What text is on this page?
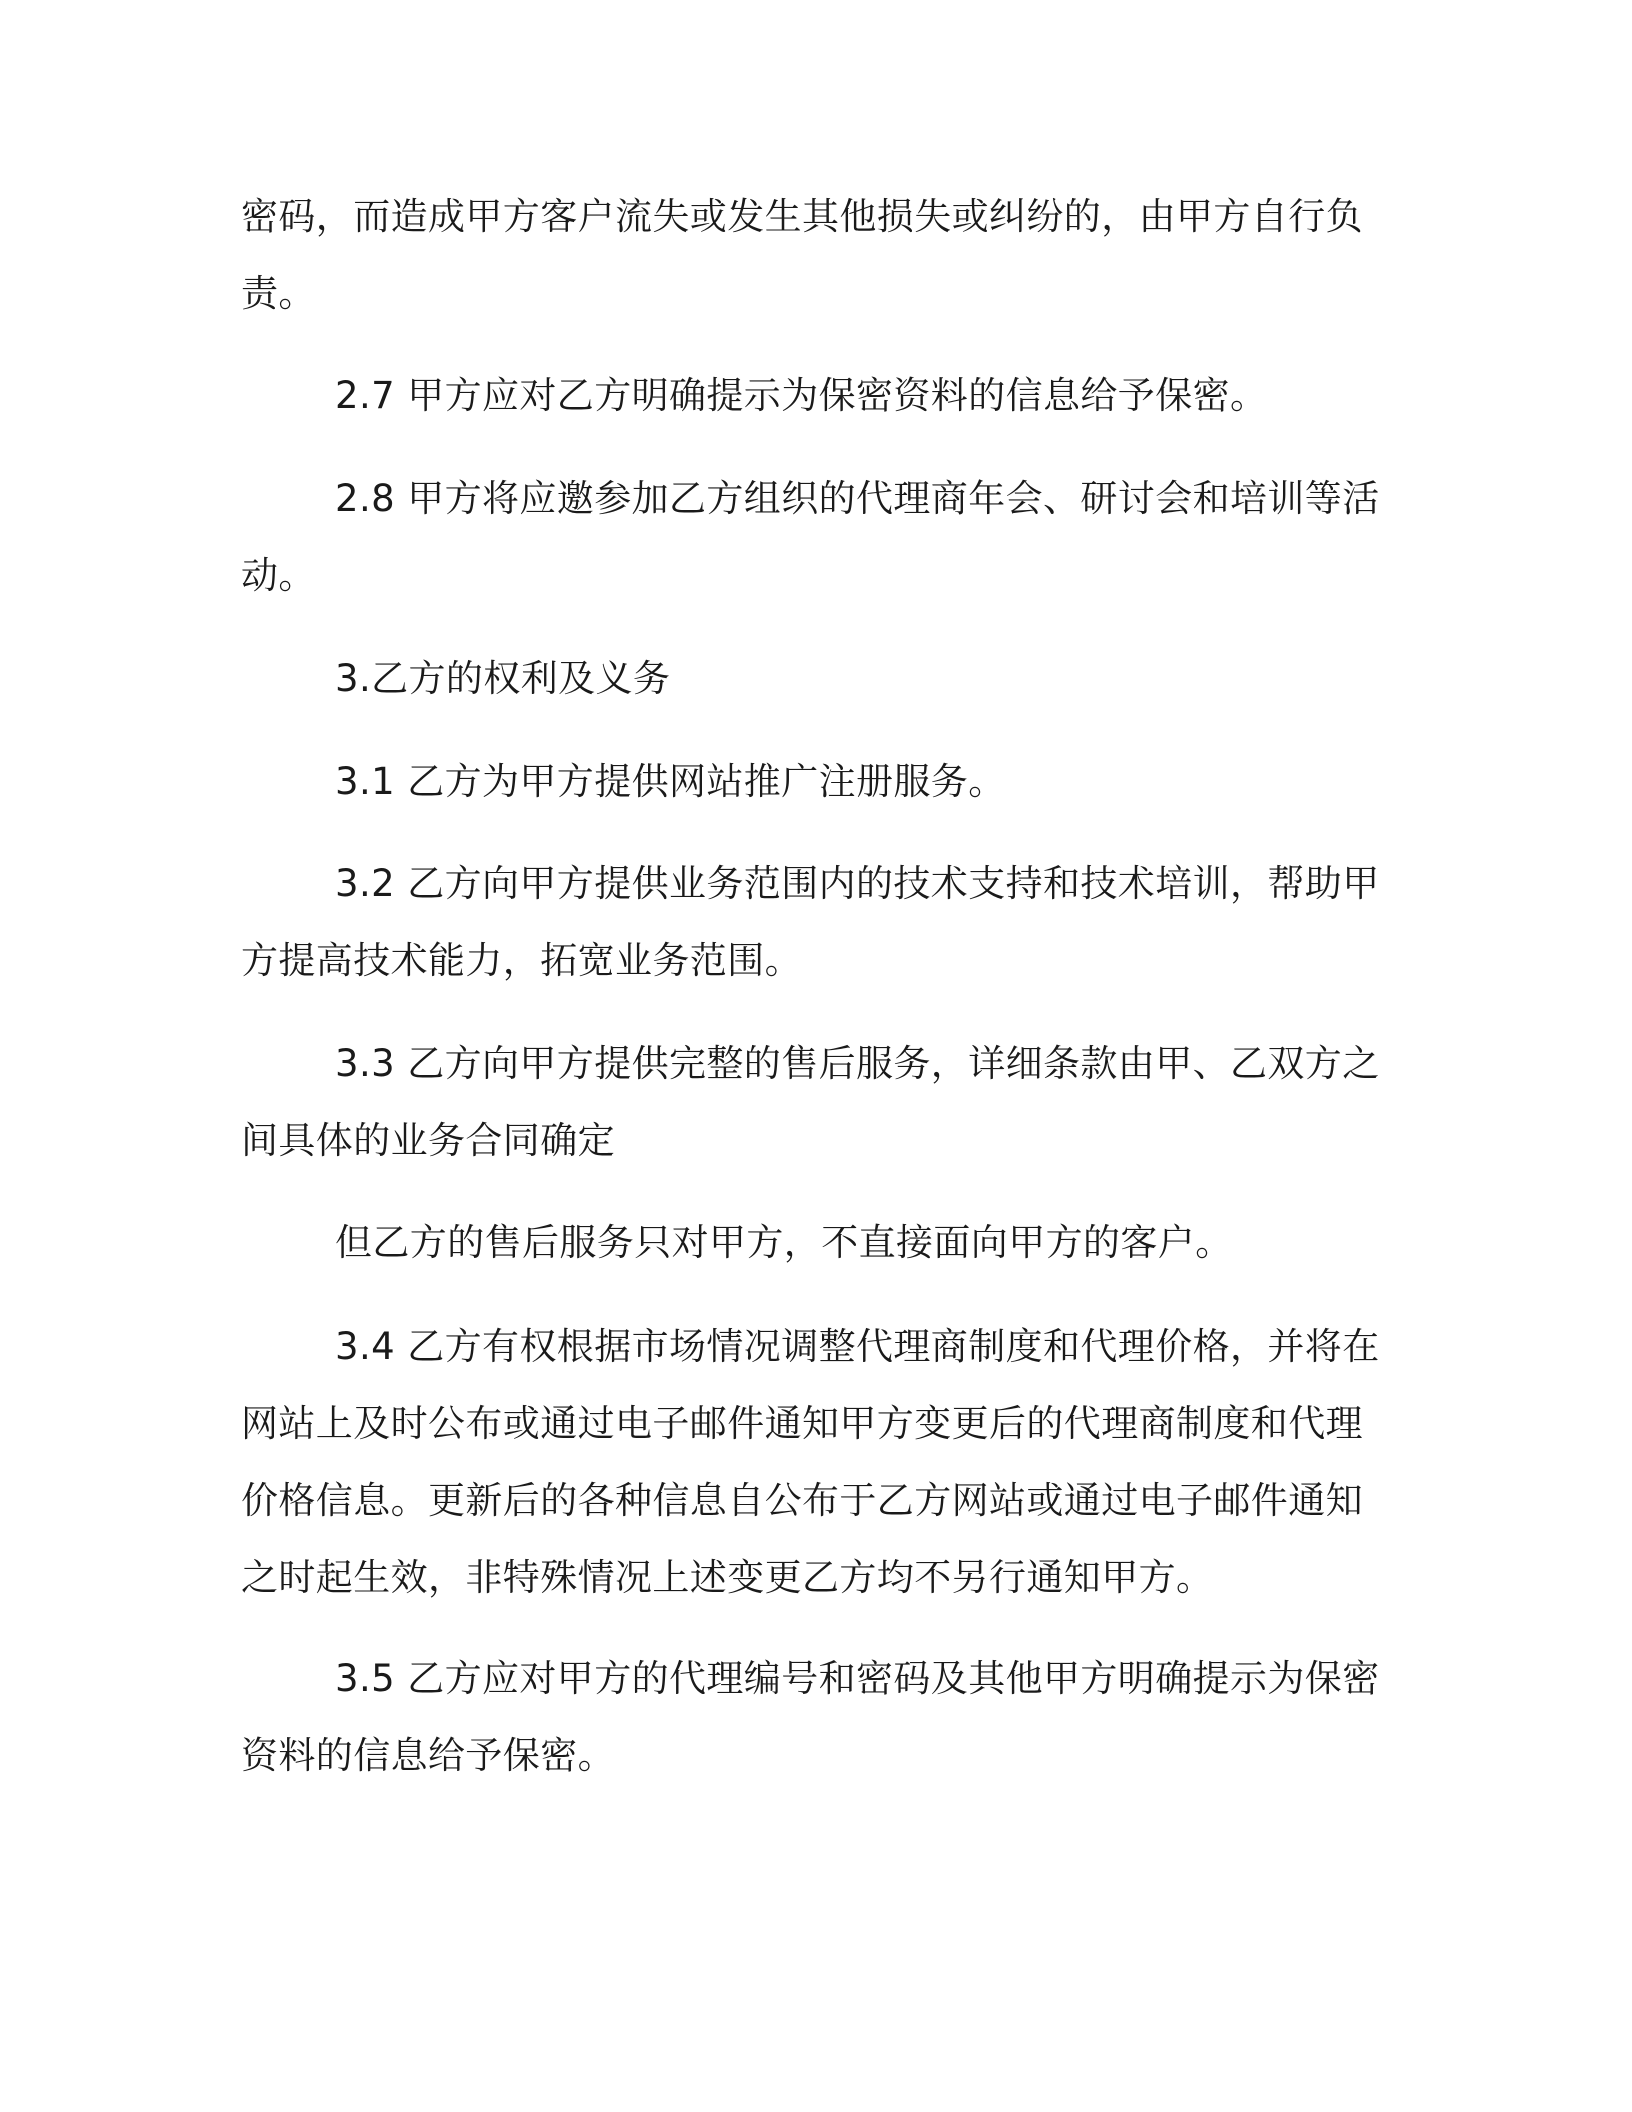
密码，而造成甲方客户流失或发生其他损失或纠纷的，由甲方自行负
责。

2.7 甲方应对乙方明确提示为保密资料的信息给予保密。

2.8 甲方将应邀参加乙方组织的代理商年会、研讨会和培训等活
动。

3.乙方的权利及义务

3.1 乙方为甲方提供网站推广注册服务。

3.2 乙方向甲方提供业务范围内的技术支持和技术培训，帮助甲
方提高技术能力，拓宽业务范围。

3.3 乙方向甲方提供完整的售后服务，详细条款由甲、乙双方之
间具体的业务合同确定

但乙方的售后服务只对甲方，不直接面向甲方的客户。

3.4 乙方有权根据市场情况调整代理商制度和代理价格，并将在
网站上及时公布或通过电子邮件通知甲方变更后的代理商制度和代理
价格信息。更新后的各种信息自公布于乙方网站或通过电子邮件通知
之时起生效，非特殊情况上述变更乙方均不另行通知甲方。

3.5 乙方应对甲方的代理编号和密码及其他甲方明确提示为保密
资料的信息给予保密。
